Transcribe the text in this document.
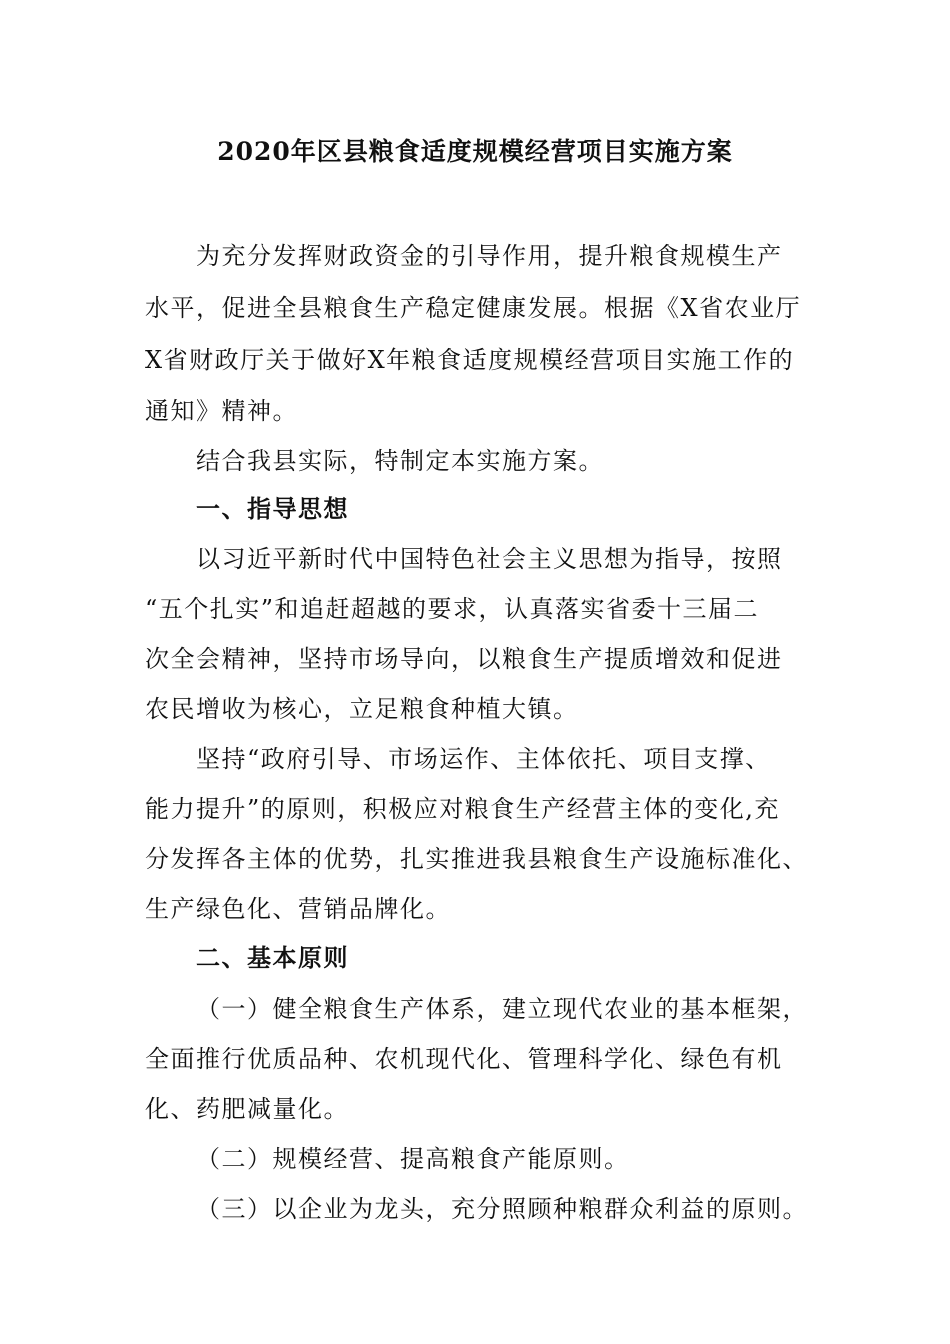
2020年区县粮食适度规模经营项目实施方案
为充分发挥财政资金的引导作用，提升粮食规模生产
水平，促进全县粮食生产稳定健康发展。根据《X省农业厅
X省财政厅关于做好X年粮食适度规模经营项目实施工作的
通知》精神。
结合我县实际，特制定本实施方案。
一、指导思想
以习近平新时代中国特色社会主义思想为指导，按照
“五个扎实”和追赶超越的要求，认真落实省委十三届二
次全会精神，坚持市场导向，以粮食生产提质增效和促进
农民增收为核心，立足粮食种植大镇。
坚持“政府引导、市场运作、主体依托、项目支撑、
能力提升”的原则，积极应对粮食生产经营主体的变化,充
分发挥各主体的优势，扎实推进我县粮食生产设施标准化、
生产绿色化、营销品牌化。
二、基本原则
（一）健全粮食生产体系，建立现代农业的基本框架，
全面推行优质品种、农机现代化、管理科学化、绿色有机
化、药肥减量化。
（二）规模经营、提高粮食产能原则。
（三）以企业为龙头，充分照顾种粮群众利益的原则。
